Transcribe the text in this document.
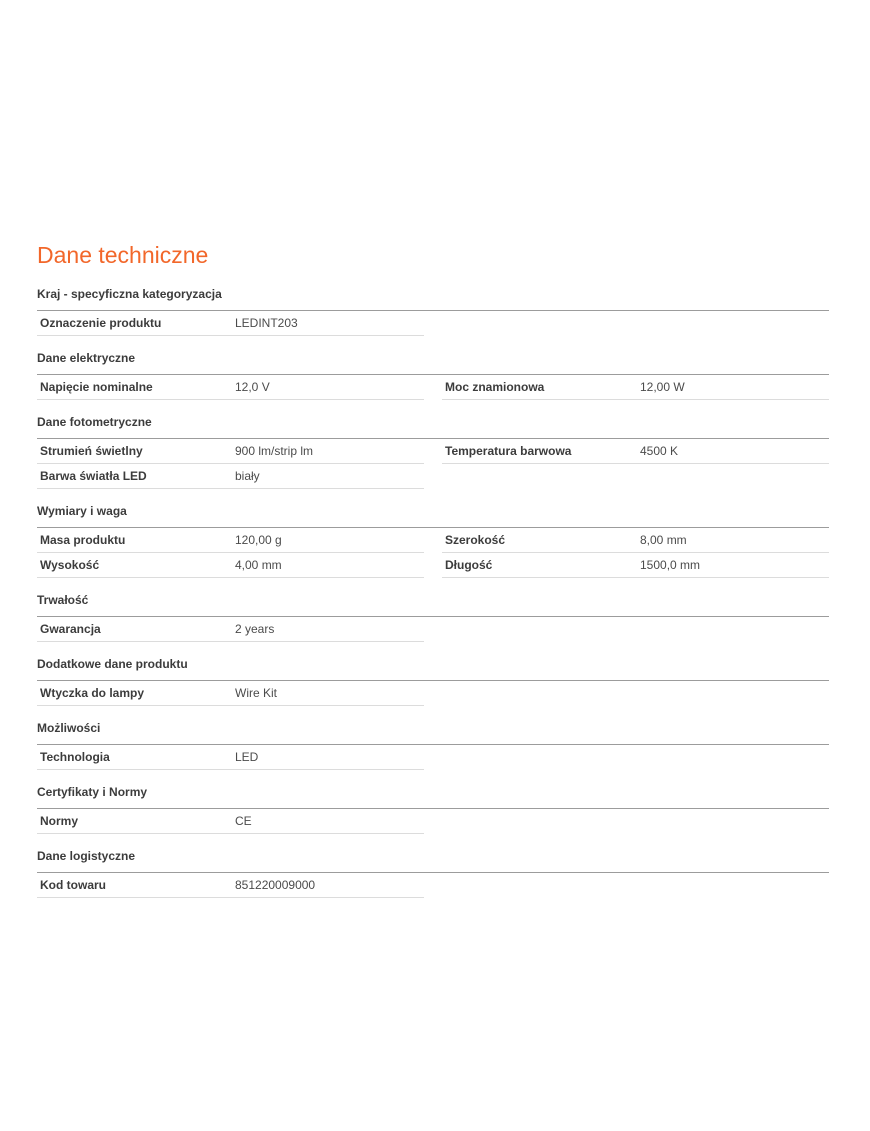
Dane techniczne
Kraj - specyficzna kategoryzacja
Oznaczenie produktu	LEDINT203
Dane elektryczne
Napięcie nominalne	12,0 V	Moc znamionowa	12,00 W
Dane fotometryczne
Strumień świetlny	900 lm/strip lm	Temperatura barwowa	4500 K
Barwa światła LED	biały
Wymiary i waga
Masa produktu	120,00 g	Szerokość	8,00 mm
Wysokość	4,00 mm	Długość	1500,0 mm
Trwałość
Gwarancja	2 years
Dodatkowe dane produktu
Wtyczka do lampy	Wire Kit
Możliwości
Technologia	LED
Certyfikaty i Normy
Normy	CE
Dane logistyczne
Kod towaru	851220009000
